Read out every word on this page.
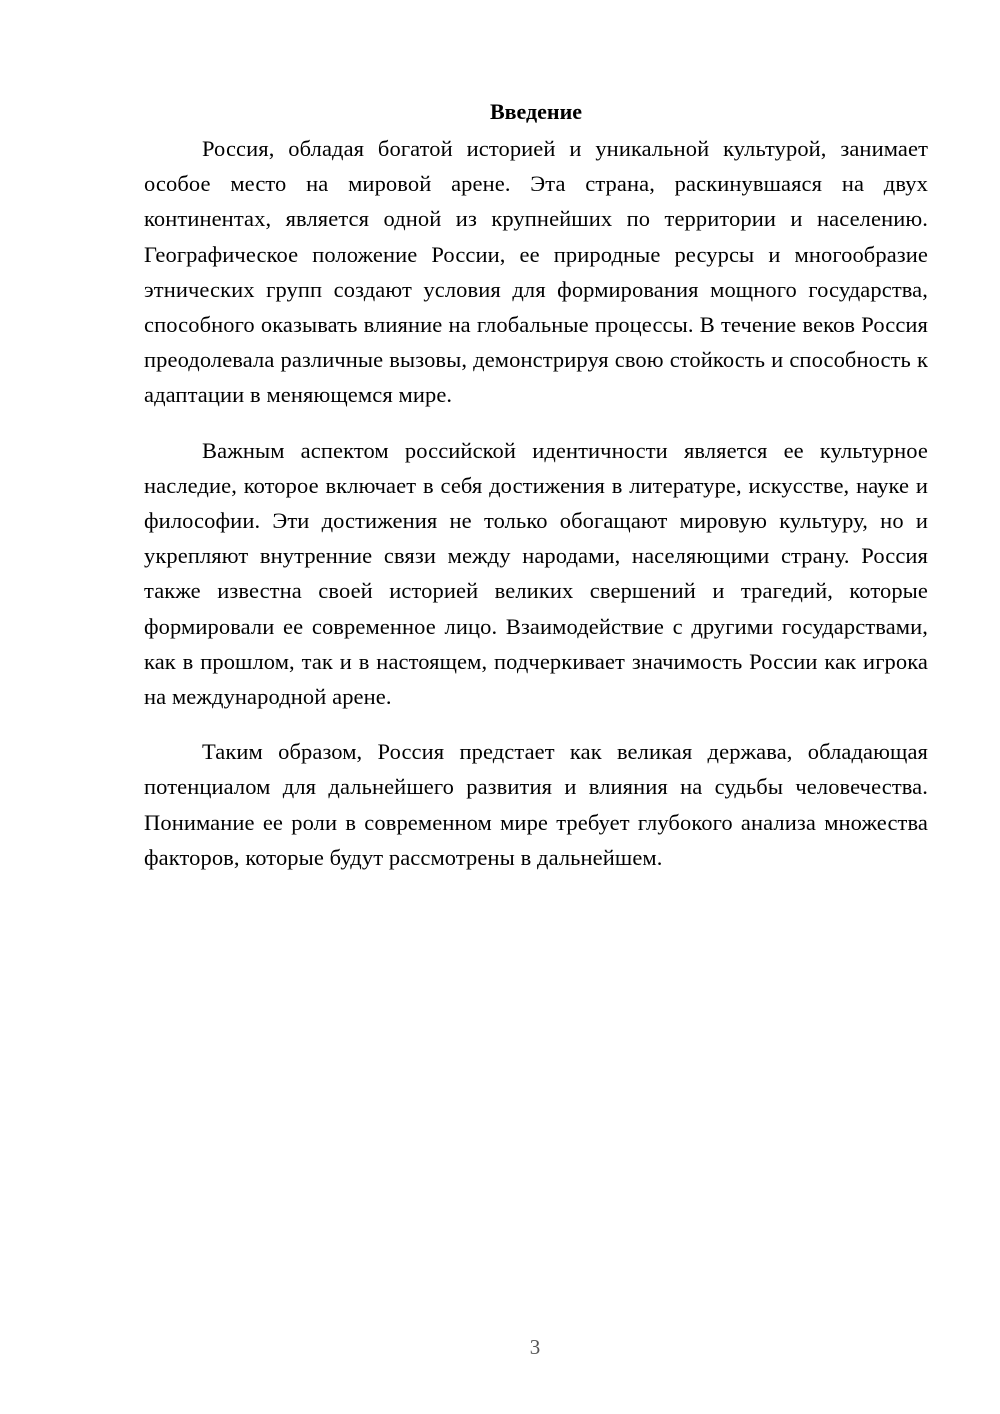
Введение

Россия, обладая богатой историей и уникальной культурой, занимает особое место на мировой арене. Эта страна, раскинувшаяся на двух континентах, является одной из крупнейших по территории и населению. Географическое положение России, ее природные ресурсы и многообразие этнических групп создают условия для формирования мощного государства, способного оказывать влияние на глобальные процессы. В течение веков Россия преодолевала различные вызовы, демонстрируя свою стойкость и способность к адаптации в меняющемся мире.

Важным аспектом российской идентичности является ее культурное наследие, которое включает в себя достижения в литературе, искусстве, науке и философии. Эти достижения не только обогащают мировую культуру, но и укрепляют внутренние связи между народами, населяющими страну. Россия также известна своей историей великих свершений и трагедий, которые формировали ее современное лицо. Взаимодействие с другими государствами, как в прошлом, так и в настоящем, подчеркивает значимость России как игрока на международной арене.

Таким образом, Россия предстает как великая держава, обладающая потенциалом для дальнейшего развития и влияния на судьбы человечества. Понимание ее роли в современном мире требует глубокого анализа множества факторов, которые будут рассмотрены в дальнейшем.

3
